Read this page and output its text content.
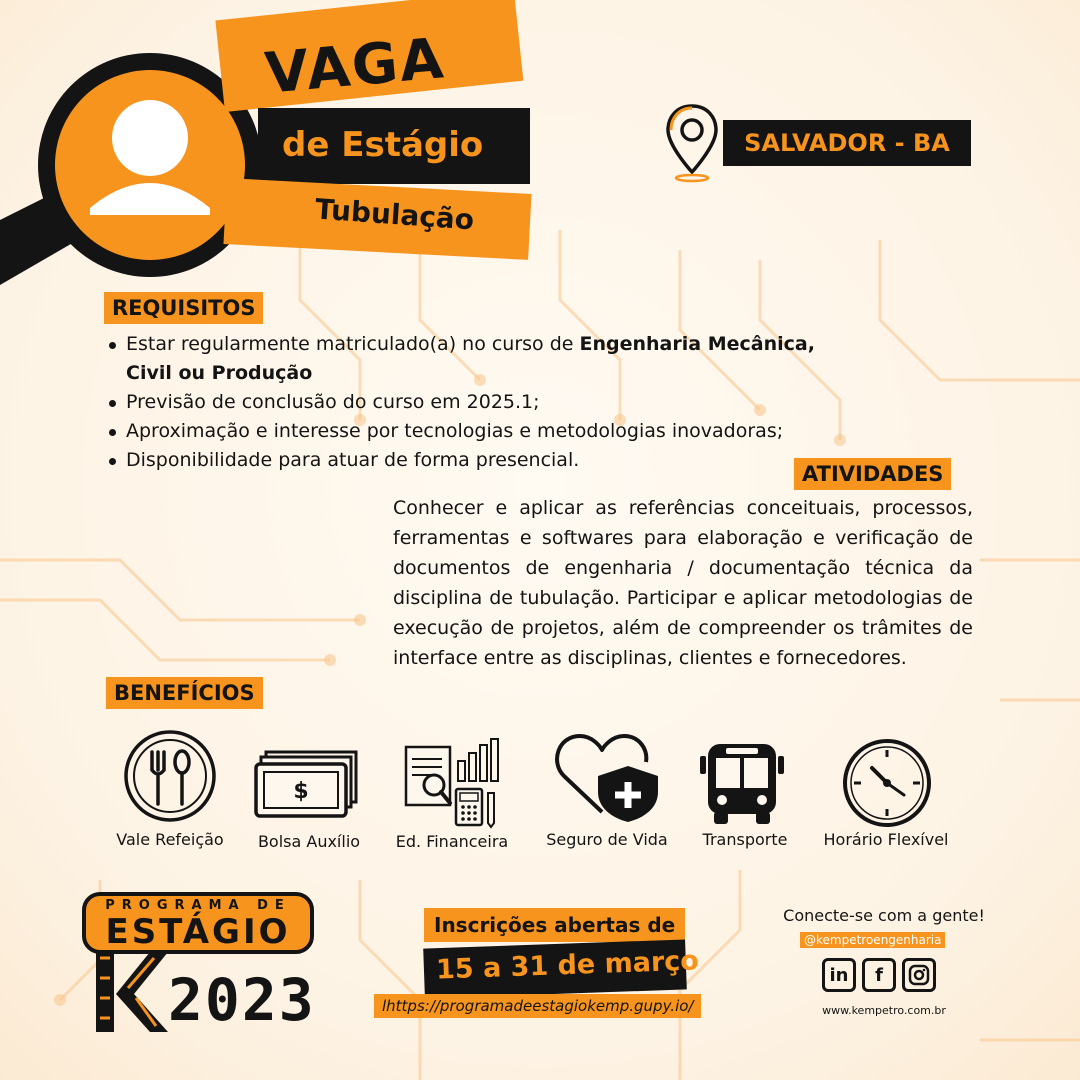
VAGA
de Estágio
Tubulação
SALVADOR - BA
REQUISITOS
Estar regularmente matriculado(a) no curso de Engenharia Mecânica,
Civil ou Produção
Previsão de conclusão do curso em 2025.1;
Aproximação e interesse por tecnologias e metodologias inovadoras;
Disponibilidade para atuar de forma presencial.
ATIVIDADES

Conhecer e aplicar as referências conceituais, processos, ferramentas e softwares para elaboração e verificação de documentos de engenharia / documentação técnica da disciplina de tubulação. Participar e aplicar metodologias de execução de projetos, além de compreender os trâmites de interface entre as disciplinas, clientes e fornecedores.

BENEFÍCIOS
$
Vale Refeição	Bolsa Auxílio	Ed. Financeira	Seguro de Vida	Transporte	Horário Flexível
PROGRAMA DE
ESTÁGIO
2023
Inscrições abertas de
15 a 31 de março
lhttps://programadeestagiokemp.gupy.io/
Conecte-se com a gente!
@kempetroengenharia
in	f
www.kempetro.com.br
